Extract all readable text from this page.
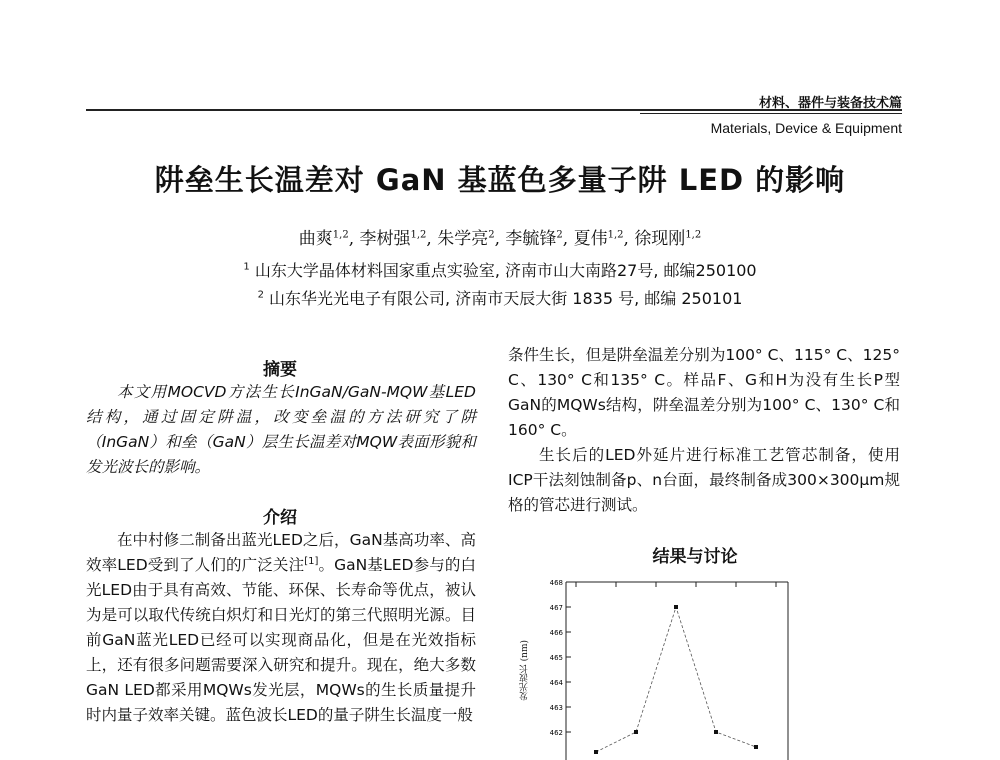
材料、器件与装备技术篇
Materials, Device & Equipment
阱垒生长温差对 GaN 基蓝色多量子阱 LED 的影响
曲爽$^{1,2}$, 李树强$^{1,2}$, 朱学亮$^2$, 李毓锋$^2$, 夏伟$^{1,2}$, 徐现刚$^{1,2}$
$^1$ 山东大学晶体材料国家重点实验室, 济南市山大南路27号, 邮编250100
$^2$ 山东华光光电子有限公司, 济南市天辰大街 1835 号, 邮编 250101
摘要

本文用MOCVD方法生长InGaN/GaN-MQW基LED结构，通过固定阱温，改变垒温的方法研究了阱（InGaN）和垒（GaN）层生长温差对MQW表面形貌和发光波长的影响。

介绍

在中村修二制备出蓝光LED之后，GaN基高功率、高效率LED受到了人们的广泛关注[1]。GaN基LED参与的白光LED由于具有高效、节能、环保、长寿命等优点，被认为是可以取代传统白炽灯和日光灯的第三代照明光源。目前GaN蓝光LED已经可以实现商品化，但是在光效指标上，还有很多问题需要深入研究和提升。现在，绝大多数GaN LED都采用MQWs发光层，MQWs的生长质量提升时内量子效率关键。蓝色波长LED的量子阱生长温度一般

条件生长，但是阱垒温差分别为100° C、115° C、125° C、130° C和135° C。样品F、G和H为没有生长P型GaN的MQWs结构，阱垒温差分别为100° C、130° C和160° C。

生长后的LED外延片进行标准工艺管芯制备，使用ICP干法刻蚀制备p、n台面，最终制备成300×300μm规格的管芯进行测试。

结果与讨论
发光波长 (nm)
468
467
466
465
464
463
462
